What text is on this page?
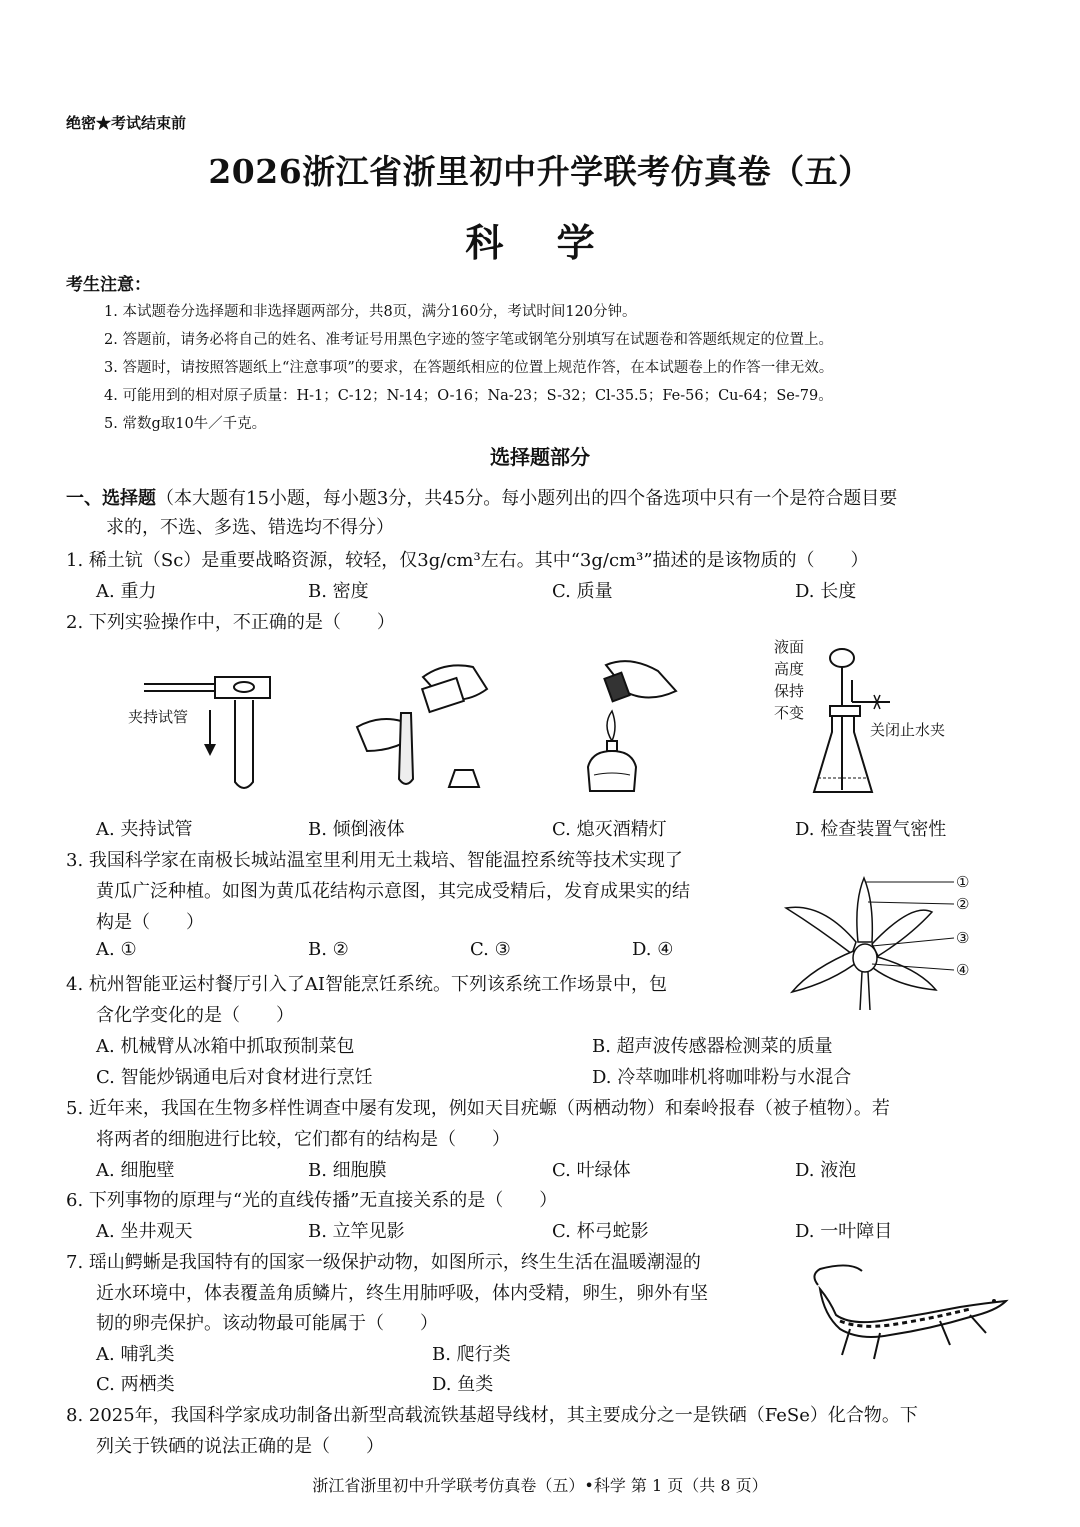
绝密★考试结束前
2026浙江省浙里初中升学联考仿真卷（五）
科 学
考生注意：
1. 本试题卷分选择题和非选择题两部分，共8页，满分160分，考试时间120分钟。
2. 答题前，请务必将自己的姓名、准考证号用黑色字迹的签字笔或钢笔分别填写在试题卷和答题纸规定的位置上。
3. 答题时，请按照答题纸上“注意事项”的要求，在答题纸相应的位置上规范作答，在本试题卷上的作答一律无效。
4. 可能用到的相对原子质量：H-1；C-12；N-14；O-16；Na-23；S-32；Cl-35.5；Fe-56；Cu-64；Se-79。
5. 常数g取10牛／千克。
选择题部分
一、选择题（本大题有15小题，每小题3分，共45分。每小题列出的四个备选项中只有一个是符合题目要
求的，不选、多选、错选均不得分）
1. 稀土钪（Sc）是重要战略资源，较轻，仅3g/cm³左右。其中“3g/cm³”描述的是该物质的（　　）
A. 重力	B. 密度	C. 质量	D. 长度
2. 下列实验操作中，不正确的是（　　）
夹持试管
液面
高度
保持
不变
关闭止水夹
A. 夹持试管	B. 倾倒液体	C. 熄灭酒精灯	D. 检查装置气密性
3. 我国科学家在南极长城站温室里利用无土栽培、智能温控系统等技术实现了
黄瓜广泛种植。如图为黄瓜花结构示意图，其完成受精后，发育成果实的结
构是（　　）
A. ①	B. ②	C. ③	D. ④
①
②
③
④
4. 杭州智能亚运村餐厅引入了AI智能烹饪系统。下列该系统工作场景中，包
含化学变化的是（　　）
A. 机械臂从冰箱中抓取预制菜包	B. 超声波传感器检测菜的质量
C. 智能炒锅通电后对食材进行烹饪	D. 冷萃咖啡机将咖啡粉与水混合
5. 近年来，我国在生物多样性调查中屡有发现，例如天目疣螈（两栖动物）和秦岭报春（被子植物）。若
将两者的细胞进行比较，它们都有的结构是（　　）
A. 细胞壁	B. 细胞膜	C. 叶绿体	D. 液泡
6. 下列事物的原理与“光的直线传播”无直接关系的是（　　）
A. 坐井观天	B. 立竿见影	C. 杯弓蛇影	D. 一叶障目
7. 瑶山鳄蜥是我国特有的国家一级保护动物，如图所示，终生生活在温暖潮湿的
近水环境中，体表覆盖角质鳞片，终生用肺呼吸，体内受精，卵生，卵外有坚
韧的卵壳保护。该动物最可能属于（　　）
A. 哺乳类	B. 爬行类
C. 两栖类	D. 鱼类
8. 2025年，我国科学家成功制备出新型高载流铁基超导线材，其主要成分之一是铁硒（FeSe）化合物。下
列关于铁硒的说法正确的是（　　）
浙江省浙里初中升学联考仿真卷（五）•科学 第 1 页（共 8 页）
